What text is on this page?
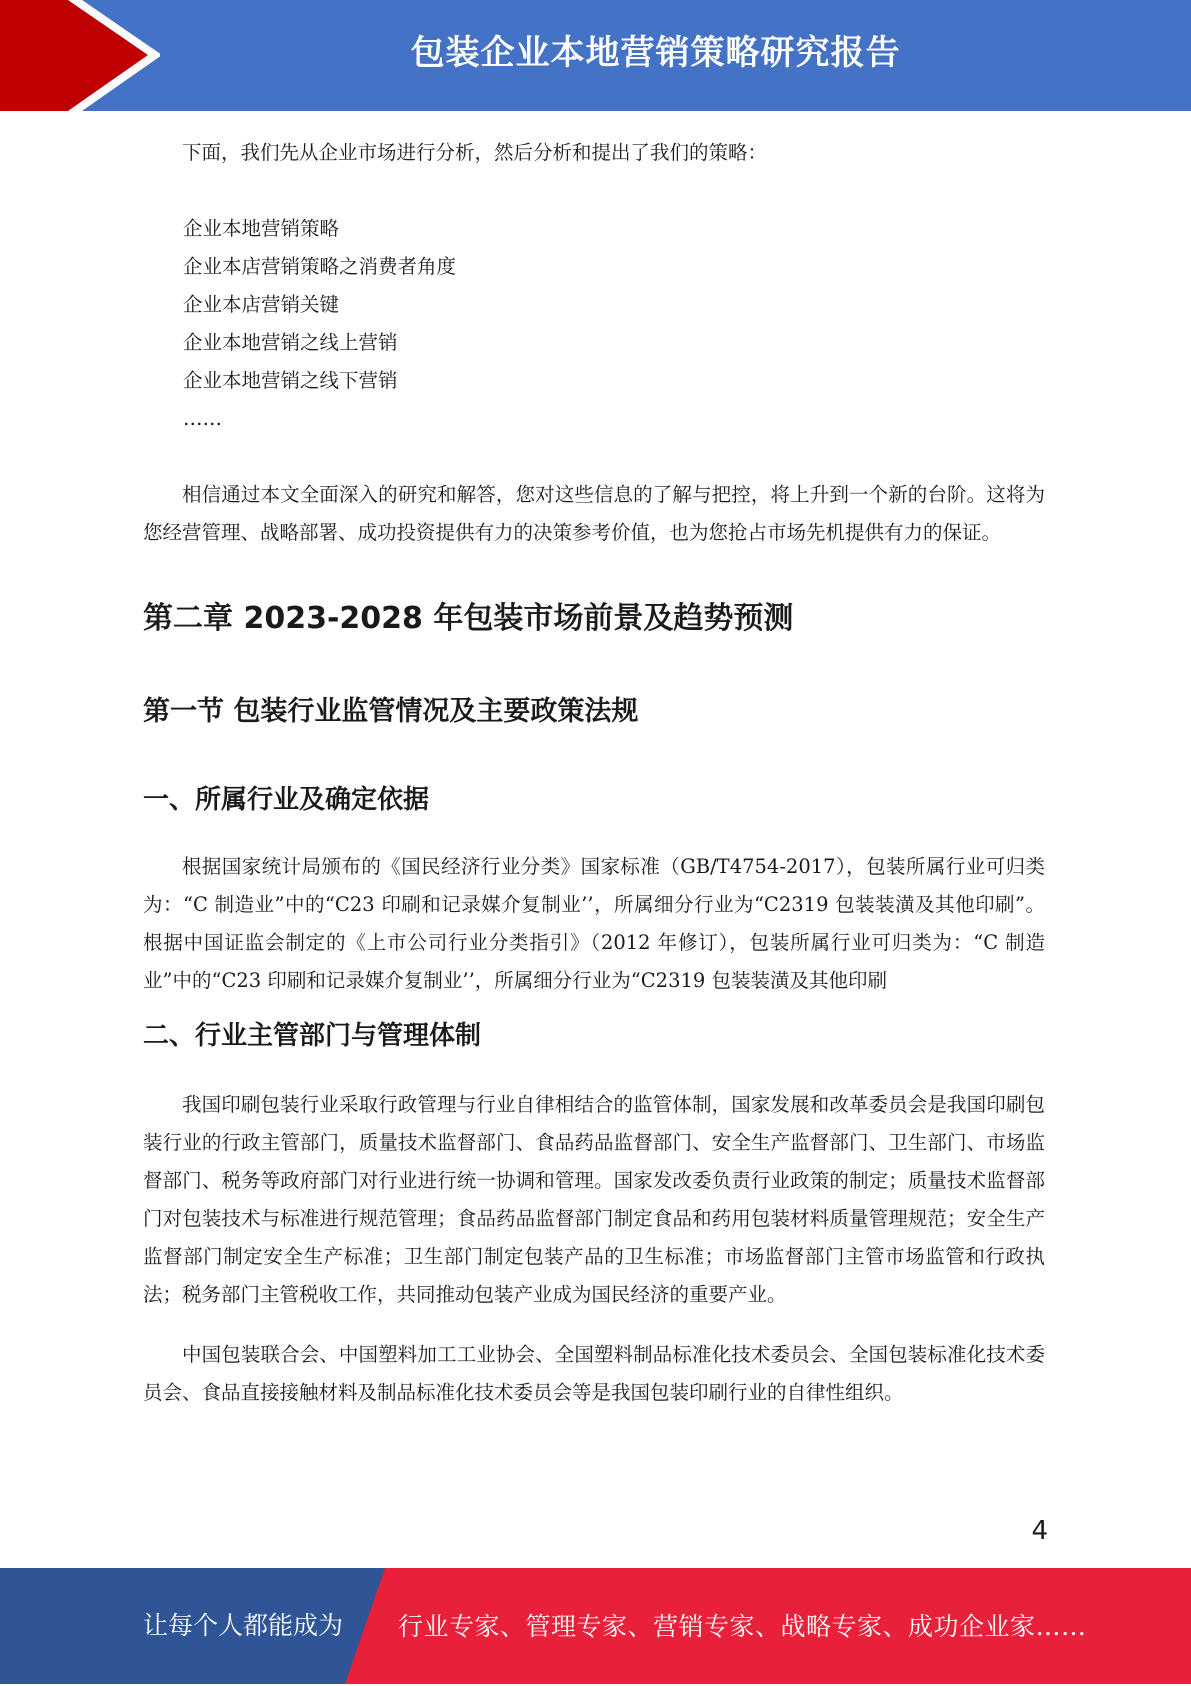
包装企业本地营销策略研究报告

下面，我们先从企业市场进行分析，然后分析和提出了我们的策略：

企业本地营销策略
企业本店营销策略之消费者角度
企业本店营销关键
企业本地营销之线上营销
企业本地营销之线下营销
……

相信通过本文全面深入的研究和解答，您对这些信息的了解与把控，将上升到一个新的台阶。这将为您经营管理、战略部署、成功投资提供有力的决策参考价值，也为您抢占市场先机提供有力的保证。

第二章 2023-2028 年包装市场前景及趋势预测
第一节 包装行业监管情况及主要政策法规
一、所属行业及确定依据

根据国家统计局颁布的《国民经济行业分类》国家标准（GB/T4754-2017），包装所属行业可归类为：“C 制造业”中的“C23 印刷和记录媒介复制业’’，所属细分行业为“C2319 包装装潢及其他印刷”。根据中国证监会制定的《上市公司行业分类指引》（2012 年修订），包装所属行业可归类为：“C 制造业”中的“C23 印刷和记录媒介复制业’’，所属细分行业为“C2319 包装装潢及其他印刷

二、行业主管部门与管理体制

我国印刷包装行业采取行政管理与行业自律相结合的监管体制，国家发展和改革委员会是我国印刷包装行业的行政主管部门，质量技术监督部门、食品药品监督部门、安全生产监督部门、卫生部门、市场监督部门、税务等政府部门对行业进行统一协调和管理。国家发改委负责行业政策的制定；质量技术监督部门对包装技术与标准进行规范管理；食品药品监督部门制定食品和药用包装材料质量管理规范；安全生产监督部门制定安全生产标准；卫生部门制定包装产品的卫生标准；市场监督部门主管市场监管和行政执法；税务部门主管税收工作，共同推动包装产业成为国民经济的重要产业。

中国包装联合会、中国塑料加工工业协会、全国塑料制品标准化技术委员会、全国包装标准化技术委员会、食品直接接触材料及制品标准化技术委员会等是我国包装印刷行业的自律性组织。

4
让每个人都能成为 行业专家、管理专家、营销专家、战略专家、成功企业家……
